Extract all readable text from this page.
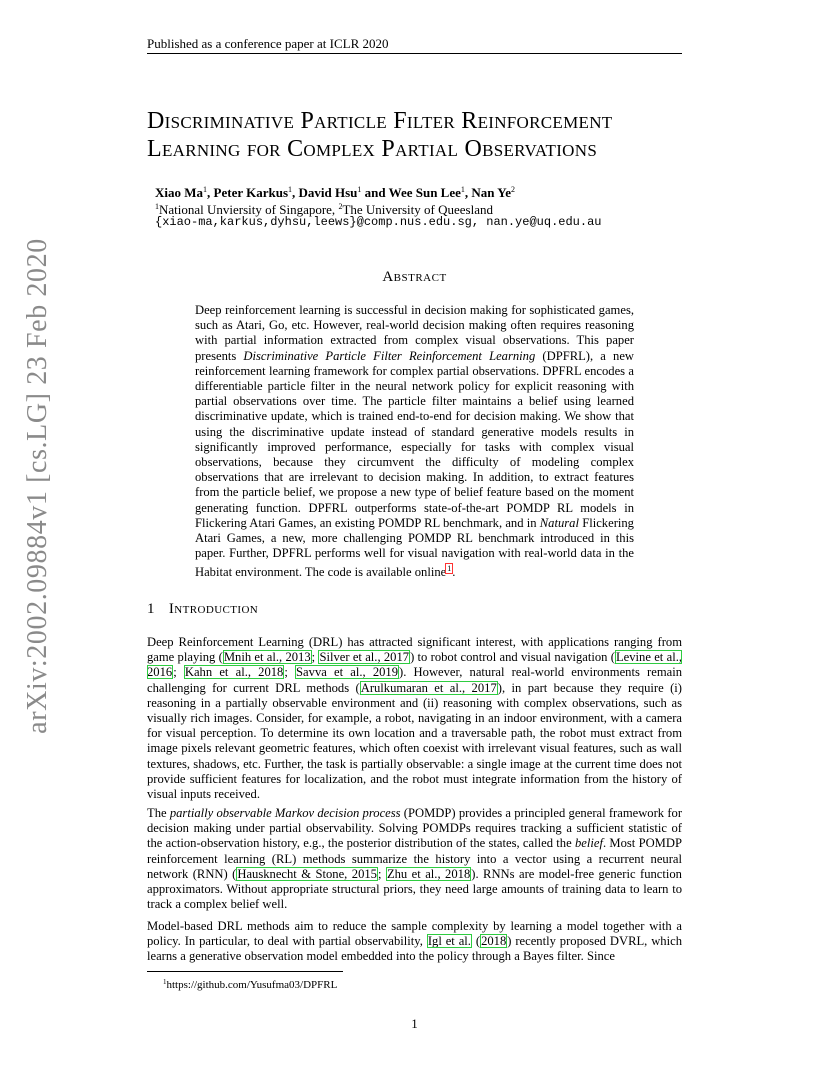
Published as a conference paper at ICLR 2020
arXiv:2002.09884v1 [cs.LG] 23 Feb 2020
Discriminative Particle Filter Reinforcement
Learning for Complex Partial Observations
Xiao Ma$^1$, Peter Karkus$^1$, David Hsu$^1$ and Wee Sun Lee$^1$, Nan Ye$^2$
$^1$National Unviersity of Singapore, $^2$The University of Queesland
{xiao-ma,karkus,dyhsu,leews}@comp.nus.edu.sg, nan.ye@uq.edu.au
Abstract
Deep reinforcement learning is successful in decision making for sophisticated games, such as Atari, Go, etc. However, real-world decision making often requires reasoning with partial information extracted from complex visual observations. This paper presents Discriminative Particle Filter Reinforcement Learning (DPFRL), a new reinforcement learning framework for complex partial observations. DPFRL encodes a differentiable particle filter in the neural network policy for explicit reasoning with partial observations over time. The particle filter maintains a belief using learned discriminative update, which is trained end-to-end for decision making. We show that using the discriminative update instead of standard generative models results in significantly improved performance, especially for tasks with complex visual observations, because they circumvent the difficulty of modeling complex observations that are irrelevant to decision making. In addition, to extract features from the particle belief, we propose a new type of belief feature based on the moment generating function. DPFRL outperforms state-of-the-art POMDP RL models in Flickering Atari Games, an existing POMDP RL benchmark, and in Natural Flickering Atari Games, a new, more challenging POMDP RL benchmark introduced in this paper. Further, DPFRL performs well for visual navigation with real-world data in the Habitat environment. The code is available online$^1$.
1 Introduction
Deep Reinforcement Learning (DRL) has attracted significant interest, with applications ranging from game playing (Mnih et al., 2013; Silver et al., 2017) to robot control and visual navigation (Levine et al., 2016; Kahn et al., 2018; Savva et al., 2019). However, natural real-world environments remain challenging for current DRL methods (Arulkumaran et al., 2017), in part because they require (i) reasoning in a partially observable environment and (ii) reasoning with complex observations, such as visually rich images. Consider, for example, a robot, navigating in an indoor environment, with a camera for visual perception. To determine its own location and a traversable path, the robot must extract from image pixels relevant geometric features, which often coexist with irrelevant visual features, such as wall textures, shadows, etc. Further, the task is partially observable: a single image at the current time does not provide sufficient features for localization, and the robot must integrate information from the history of visual inputs received.
The partially observable Markov decision process (POMDP) provides a principled general framework for decision making under partial observability. Solving POMDPs requires tracking a sufficient statistic of the action-observation history, e.g., the posterior distribution of the states, called the belief. Most POMDP reinforcement learning (RL) methods summarize the history into a vector using a recurrent neural network (RNN) (Hausknecht & Stone, 2015; Zhu et al., 2018). RNNs are model-free generic function approximators. Without appropriate structural priors, they need large amounts of training data to learn to track a complex belief well.
Model-based DRL methods aim to reduce the sample complexity by learning a model together with a policy. In particular, to deal with partial observability, Igl et al. (2018) recently proposed DVRL, which learns a generative observation model embedded into the policy through a Bayes filter. Since
$^1$https://github.com/Yusufma03/DPFRL
1
